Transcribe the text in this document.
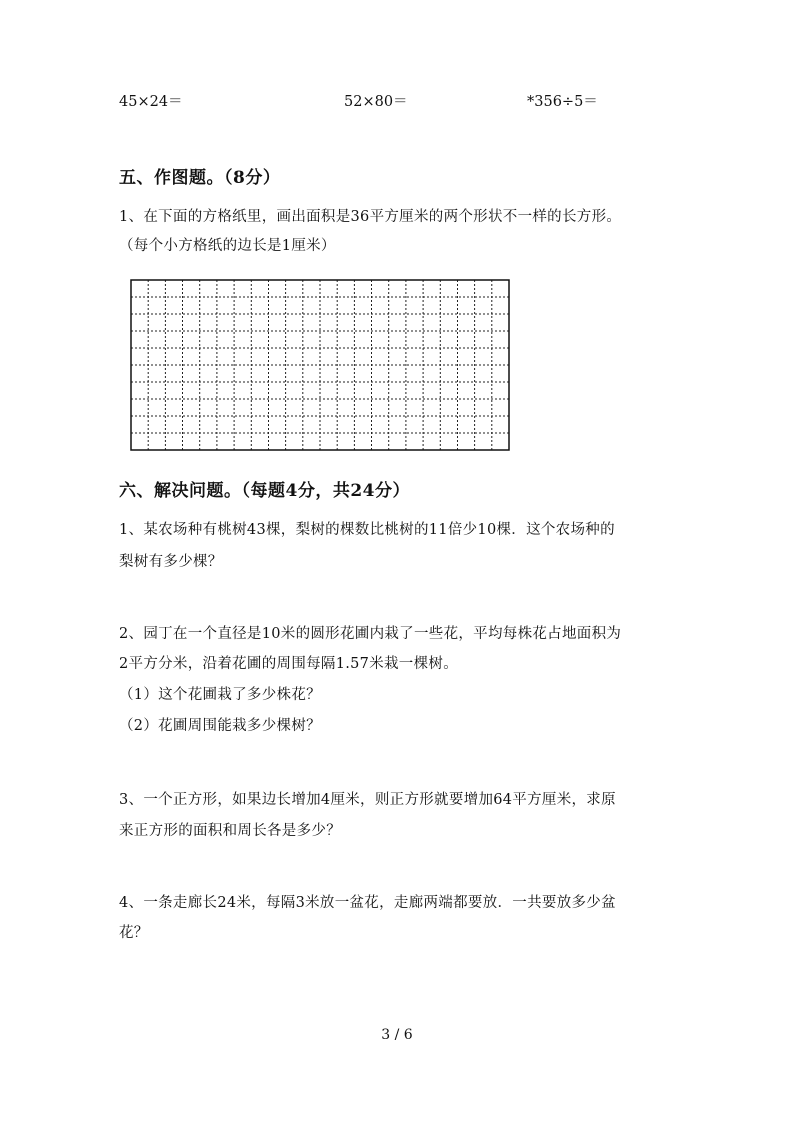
45×24＝	52×80＝	*356÷5＝
五、作图题。（8分）
1、在下面的方格纸里，画出面积是36平方厘米的两个形状不一样的长方形。
（每个小方格纸的边长是1厘米）
六、解决问题。（每题4分，共24分）
1、某农场种有桃树43棵，梨树的棵数比桃树的11倍少10棵．这个农场种的
梨树有多少棵？
2、园丁在一个直径是10米的圆形花圃内栽了一些花，平均每株花占地面积为
2平方分米，沿着花圃的周围每隔1.57米栽一棵树。
（1）这个花圃栽了多少株花？
（2）花圃周围能栽多少棵树？
3、一个正方形，如果边长增加4厘米，则正方形就要增加64平方厘米，求原
来正方形的面积和周长各是多少？
4、一条走廊长24米，每隔3米放一盆花，走廊两端都要放．一共要放多少盆
花？
3 / 6
